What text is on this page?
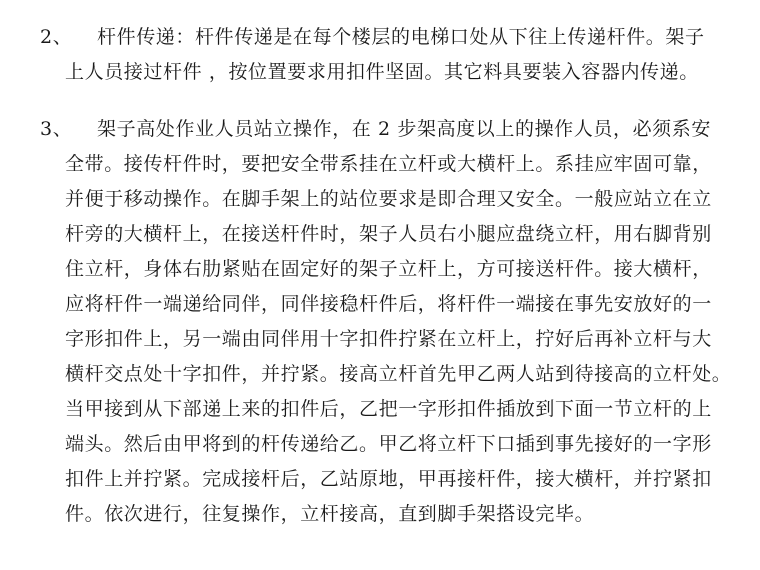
2、 杆件传递：杆件传递是在每个楼层的电梯口处从下往上传递杆件。架子
上人员接过杆件 ，按位置要求用扣件坚固。其它料具要装入容器内传递。
3、 架子高处作业人员站立操作，在 2 步架高度以上的操作人员，必须系安
全带。接传杆件时，要把安全带系挂在立杆或大横杆上。系挂应牢固可靠，
并便于移动操作。在脚手架上的站位要求是即合理又安全。一般应站立在立
杆旁的大横杆上，在接送杆件时，架子人员右小腿应盘绕立杆，用右脚背别
住立杆，身体右肋紧贴在固定好的架子立杆上，方可接送杆件。接大横杆，
应将杆件一端递给同伴，同伴接稳杆件后，将杆件一端接在事先安放好的一
字形扣件上，另一端由同伴用十字扣件拧紧在立杆上，拧好后再补立杆与大
横杆交点处十字扣件，并拧紧。接高立杆首先甲乙两人站到待接高的立杆处。
当甲接到从下部递上来的扣件后，乙把一字形扣件插放到下面一节立杆的上
端头。然后由甲将到的杆传递给乙。甲乙将立杆下口插到事先接好的一字形
扣件上并拧紧。完成接杆后，乙站原地，甲再接杆件，接大横杆，并拧紧扣
件。依次进行，往复操作，立杆接高，直到脚手架搭设完毕。
